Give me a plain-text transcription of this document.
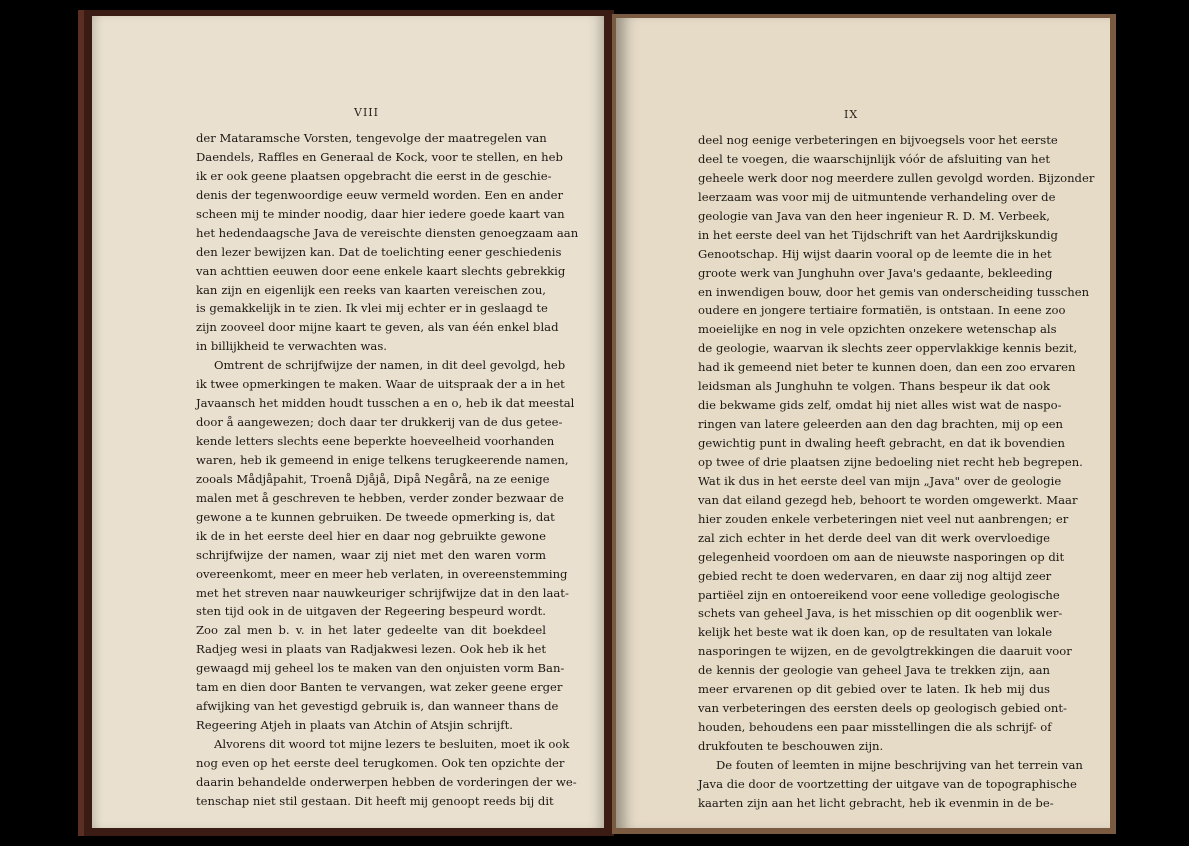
VIII
der Mataramsche Vorsten, tengevolge der maatregelen van
Daendels, Raffles en Generaal de Kock, voor te stellen, en heb
ik er ook geene plaatsen opgebracht die eerst in de geschie-
denis der tegenwoordige eeuw vermeld worden. Een en ander
scheen mij te minder noodig, daar hier iedere goede kaart van
het hedendaagsche Java de vereischte diensten genoegzaam aan
den lezer bewijzen kan. Dat de toelichting eener geschiedenis
van achttien eeuwen door eene enkele kaart slechts gebrekkig
kan zijn en eigenlijk een reeks van kaarten vereischen zou,
is gemakkelijk in te zien. Ik vlei mij echter er in geslaagd te
zijn zooveel door mijne kaart te geven, als van één enkel blad
in billijkheid te verwachten was.
Omtrent de schrijfwijze der namen, in dit deel gevolgd, heb
ik twee opmerkingen te maken. Waar de uitspraak der a in het
Javaansch het midden houdt tusschen a en o, heb ik dat meestal
door å aangewezen; doch daar ter drukkerij van de dus getee-
kende letters slechts eene beperkte hoeveelheid voorhanden
waren, heb ik gemeend in enige telkens terugkeerende namen,
zooals Mådjåpahit, Troenå Djåjå, Dipå Negårå, na ze eenige
malen met å geschreven te hebben, verder zonder bezwaar de
gewone a te kunnen gebruiken. De tweede opmerking is, dat
ik de in het eerste deel hier en daar nog gebruikte gewone
schrijfwijze der namen, waar zij niet met den waren vorm
overeenkomt, meer en meer heb verlaten, in overeenstemming
met het streven naar nauwkeuriger schrijfwijze dat in den laat-
sten tijd ook in de uitgaven der Regeering bespeurd wordt.
Zoo zal men b. v. in het later gedeelte van dit boekdeel
Radjeg wesi in plaats van Radjakwesi lezen. Ook heb ik het
gewaagd mij geheel los te maken van den onjuisten vorm Ban-
tam en dien door Banten te vervangen, wat zeker geene erger
afwijking van het gevestigd gebruik is, dan wanneer thans de
Regeering Atjeh in plaats van Atchin of Atsjin schrijft.
Alvorens dit woord tot mijne lezers te besluiten, moet ik ook
nog even op het eerste deel terugkomen. Ook ten opzichte der
daarin behandelde onderwerpen hebben de vorderingen der we-
tenschap niet stil gestaan. Dit heeft mij genoopt reeds bij dit
IX
deel nog eenige verbeteringen en bijvoegsels voor het eerste
deel te voegen, die waarschijnlijk vóór de afsluiting van het
geheele werk door nog meerdere zullen gevolgd worden. Bijzonder
leerzaam was voor mij de uitmuntende verhandeling over de
geologie van Java van den heer ingenieur R. D. M. Verbeek,
in het eerste deel van het Tijdschrift van het Aardrijkskundig
Genootschap. Hij wijst daarin vooral op de leemte die in het
groote werk van Junghuhn over Java's gedaante, bekleeding
en inwendigen bouw, door het gemis van onderscheiding tusschen
oudere en jongere tertiaire formatiën, is ontstaan. In eene zoo
moeielijke en nog in vele opzichten onzekere wetenschap als
de geologie, waarvan ik slechts zeer oppervlakkige kennis bezit,
had ik gemeend niet beter te kunnen doen, dan een zoo ervaren
leidsman als Junghuhn te volgen. Thans bespeur ik dat ook
die bekwame gids zelf, omdat hij niet alles wist wat de naspo-
ringen van latere geleerden aan den dag brachten, mij op een
gewichtig punt in dwaling heeft gebracht, en dat ik bovendien
op twee of drie plaatsen zijne bedoeling niet recht heb begrepen.
Wat ik dus in het eerste deel van mijn „Java" over de geologie
van dat eiland gezegd heb, behoort te worden omgewerkt. Maar
hier zouden enkele verbeteringen niet veel nut aanbrengen; er
zal zich echter in het derde deel van dit werk overvloedige
gelegenheid voordoen om aan de nieuwste nasporingen op dit
gebied recht te doen wedervaren, en daar zij nog altijd zeer
partiëel zijn en ontoereikend voor eene volledige geologische
schets van geheel Java, is het misschien op dit oogenblik wer-
kelijk het beste wat ik doen kan, op de resultaten van lokale
nasporingen te wijzen, en de gevolgtrekkingen die daaruit voor
de kennis der geologie van geheel Java te trekken zijn, aan
meer ervarenen op dit gebied over te laten. Ik heb mij dus
van verbeteringen des eersten deels op geologisch gebied ont-
houden, behoudens een paar misstellingen die als schrijf- of
drukfouten te beschouwen zijn.
De fouten of leemten in mijne beschrijving van het terrein van
Java die door de voortzetting der uitgave van de topographische
kaarten zijn aan het licht gebracht, heb ik evenmin in de be-
